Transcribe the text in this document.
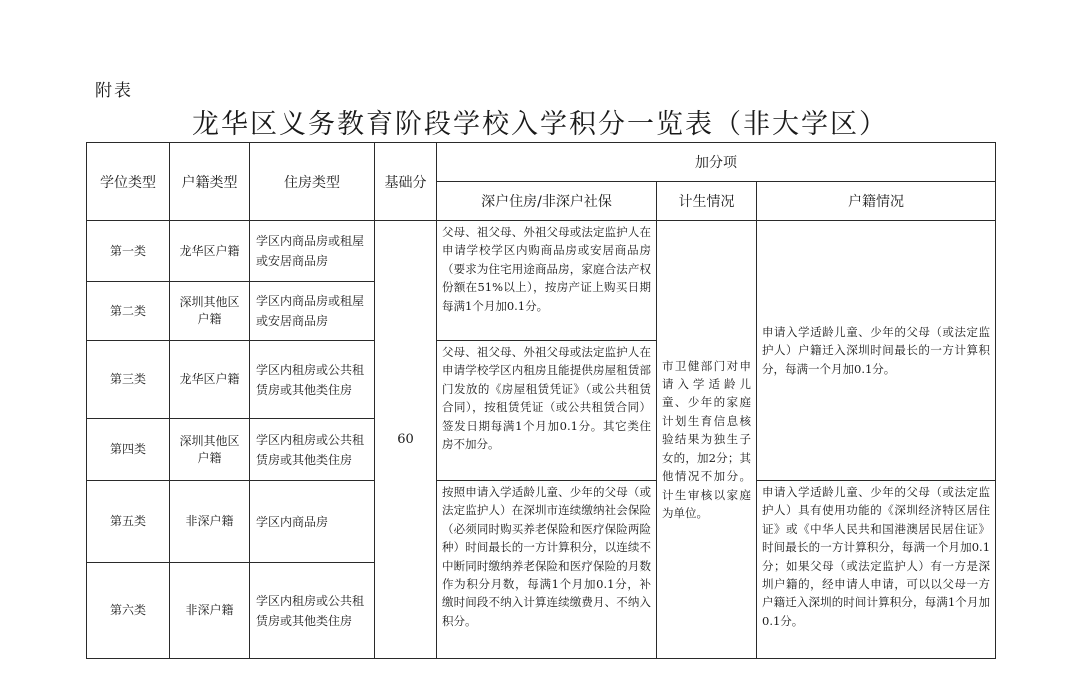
附表
龙华区义务教育阶段学校入学积分一览表（非大学区）
学位类型	户籍类型	住房类型	基础分	加分项		
				深户住房/非深户社保	计生情况	户籍情况
第一类	龙华区户籍	学区内商品房或租屋或安居商品房	60	父母、祖父母、外祖父母或法定监护人在申请学校学区内购商品房或安居商品房（要求为住宅用途商品房，家庭合法产权份额在51%以上），按房产证上购买日期每满1个月加0.1分。	市卫健部门对申请入学适龄儿童、少年的家庭计划生育信息核验结果为独生子女的，加2分；其他情况不加分。计生审核以家庭为单位。	申请入学适龄儿童、少年的父母（或法定监护人）户籍迁入深圳时间最长的一方计算积分，每满一个月加0.1分。
第二类	深圳其他区户籍	学区内商品房或租屋或安居商品房				
第三类	龙华区户籍	学区内租房或公共租赁房或其他类住房		父母、祖父母、外祖父母或法定监护人在申请学校学区内租房且能提供房屋租赁部门发放的《房屋租赁凭证》（或公共租赁合同），按租赁凭证（或公共租赁合同）签发日期每满1个月加0.1分。其它类住房不加分。		
第四类	深圳其他区户籍	学区内租房或公共租赁房或其他类住房				
第五类	非深户籍	学区内商品房		按照申请入学适龄儿童、少年的父母（或法定监护人）在深圳市连续缴纳社会保险（必须同时购买养老保险和医疗保险两险种）时间最长的一方计算积分，以连续不中断同时缴纳养老保险和医疗保险的月数作为积分月数，每满1个月加0.1分，补缴时间段不纳入计算连续缴费月、不纳入积分。		申请入学适龄儿童、少年的父母（或法定监护人）具有使用功能的《深圳经济特区居住证》或《中华人民共和国港澳居民居住证》时间最长的一方计算积分，每满一个月加0.1分；如果父母（或法定监护人）有一方是深圳户籍的，经申请人申请，可以以父母一方户籍迁入深圳的时间计算积分，每满1个月加0.1分。
第六类	非深户籍	学区内租房或公共租赁房或其他类住房				
